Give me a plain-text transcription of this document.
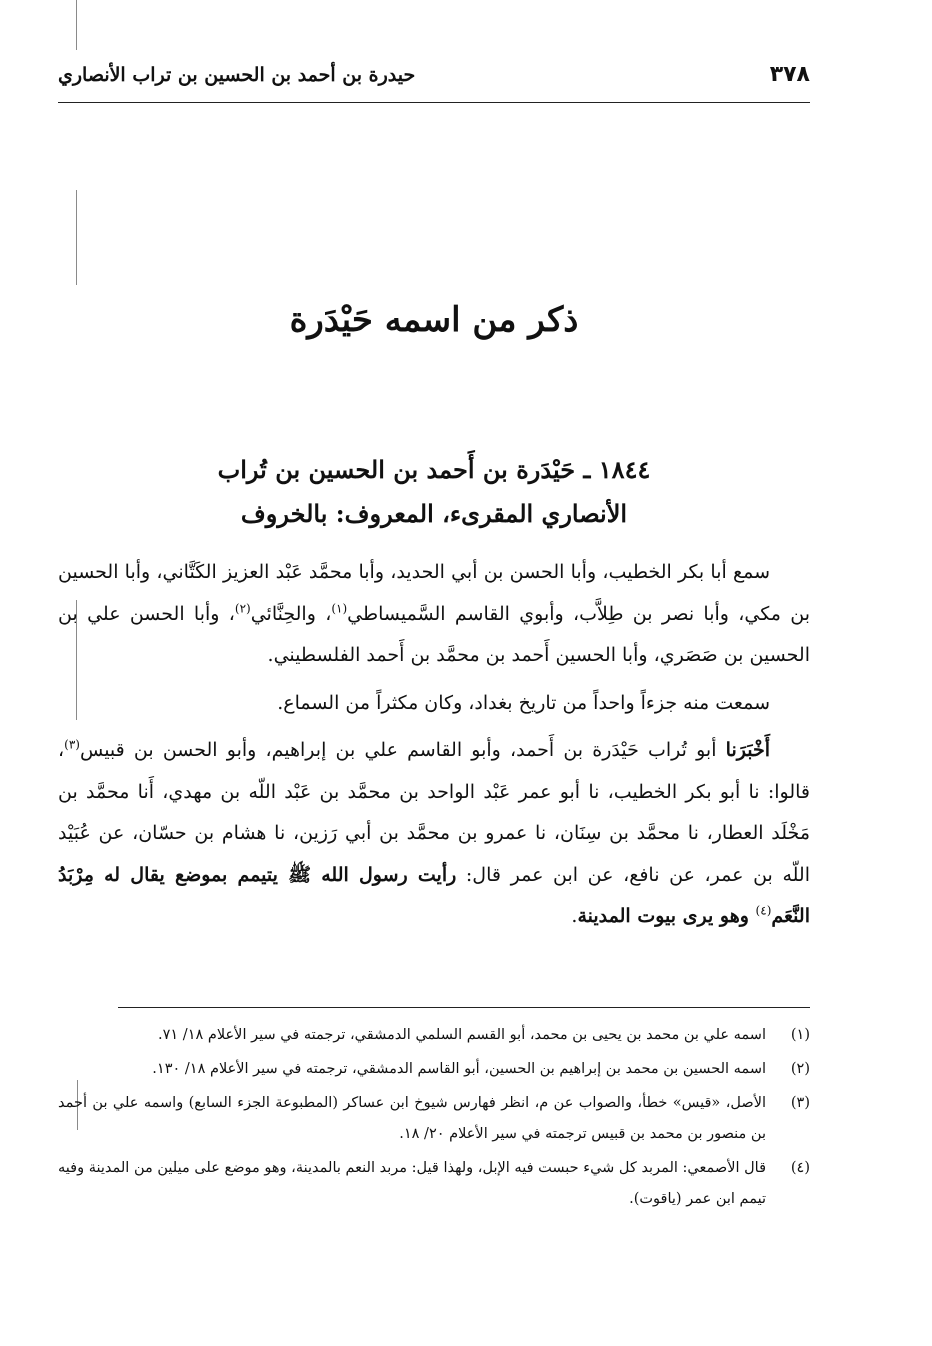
٣٧٨
حيدرة بن أحمد بن الحسين بن تراب الأنصاري
ذكر من اسمه حَيْدَرة
١٨٤٤ ـ حَيْدَرة بن أَحمد بن الحسين بن تُراب
الأنصاري المقرىء، المعروف: بالخروف

سمع أبا بكر الخطيب، وأبا الحسن بن أبي الحديد، وأبا محمَّد عَبْد العزيز الكَتَّاني، وأبا الحسين بن مكي، وأبا نصر بن طِلاَّب، وأبوي القاسم السَّميساطي$^{(١)}$، والحِنَّائي$^{(٢)}$، وأبا الحسن علي بن الحسين بن صَصَري، وأبا الحسين أَحمد بن محمَّد بن أَحمد الفلسطيني.

سمعت منه جزءاً واحداً من تاريخ بغداد، وكان مكثراً من السماع.

أَخْبَرَنا أبو تُراب حَيْدَرة بن أَحمد، وأبو القاسم علي بن إبراهيم، وأبو الحسن بن قبيس$^{(٣)}$، قالوا: نا أبو بكر الخطيب، نا أبو عمر عَبْد الواحد بن محمَّد بن عَبْد اللّه بن مهدي، أَنا محمَّد بن مَخْلَد العطار، نا محمَّد بن سِنَان، نا عمرو بن محمَّد بن أبي رَزين، نا هشام بن حسّان، عن عُبَيْد اللّه بن عمر، عن نافع، عن ابن عمر قال: رأيت رسول الله ﷺ يتيمم بموضع يقال له مِرْبَدُ النَّعَم$^{(٤)}$ وهو يرى بيوت المدينة.

(١)
اسمه علي بن محمد بن يحيى بن محمد، أبو القسم السلمي الدمشقي، ترجمته في سير الأعلام ١٨/ ٧١.
(٢)
اسمه الحسين بن محمد بن إبراهيم بن الحسين، أبو القاسم الدمشقي، ترجمته في سير الأعلام ١٨/ ١٣٠.
(٣)
الأصل، «قيس» خطأ، والصواب عن م، انظر فهارس شيوخ ابن عساكر (المطبوعة الجزء السابع) واسمه علي بن أحمد بن منصور بن محمد بن قبيس ترجمته في سير الأعلام ٢٠/ ١٨.
(٤)
قال الأصمعي: المربد كل شيء حبست فيه الإبل، ولهذا قيل: مربد النعم بالمدينة، وهو موضع على ميلين من المدينة وفيه تيمم ابن عمر (ياقوت).
